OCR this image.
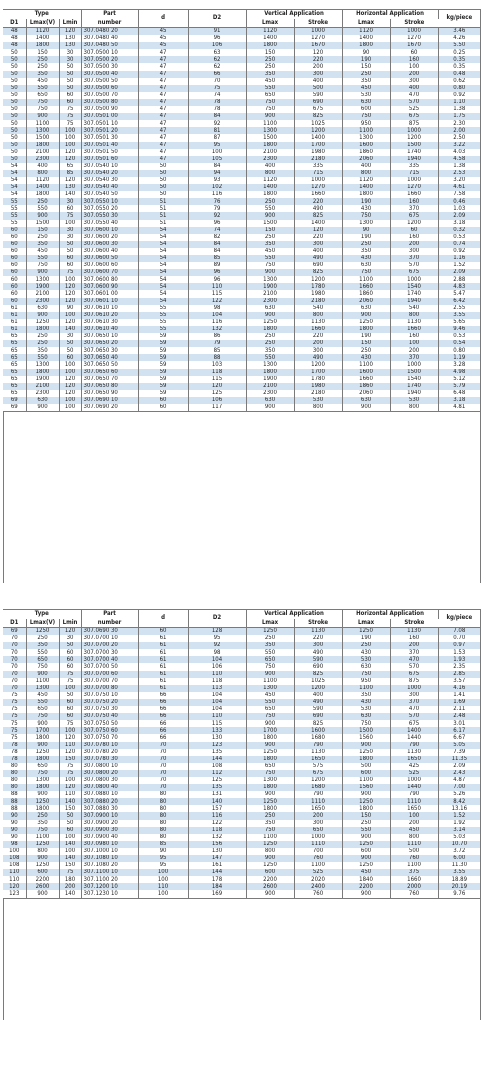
Type			Part	d	D2	Vertical Application		Horizontal Application		kg/piece
D1	Lmax(V)	Lmin	number			Lmax	Stroke	Lmax	Stroke	
48	1120	120	307.0480 20	45	91	1120	1000	1120	1000	3.46
48	1400	130	307.0480 40	45	96	1400	1270	1400	1270	4.26
48	1800	130	307.0480 50	45	106	1800	1670	1800	1670	5.50
50	150	30	307.0500 10	47	63	150	120	90	60	0.25
50	250	30	307.0500 20	47	62	250	220	190	160	0.35
50	250	50	307.0500 30	47	62	250	200	150	100	0.35
50	350	50	307.0500 40	47	66	350	300	250	200	0.48
50	450	50	307.0500 50	47	70	450	400	350	300	0.62
50	550	50	307.0500 60	47	75	550	500	450	400	0.80
50	650	60	307.0500 70	47	74	650	590	530	470	0.92
50	750	60	307.0500 80	47	78	750	690	630	570	1.10
50	750	75	307.0500 90	47	78	750	675	600	525	1.38
50	900	75	307.0501 00	47	84	900	825	750	675	1.75
50	1100	75	307.0501 10	47	92	1100	1025	950	875	2.30
50	1300	100	307.0501 20	47	81	1300	1200	1100	1000	2.00
50	1500	100	307.0501 30	47	87	1500	1400	1300	1200	2.50
50	1800	100	307.0501 40	47	95	1800	1700	1600	1500	3.22
50	2100	120	307.0501 50	47	100	2100	1980	1860	1740	4.03
50	2300	120	307.0501 60	47	105	2300	2180	2060	1940	4.58
54	400	65	307.0540 10	50	84	400	335	400	335	1.38
54	800	85	307.0540 20	50	94	800	715	800	715	2.53
54	1120	120	307.0540 30	50	93	1120	1000	1120	1000	3.20
54	1400	130	307.0540 40	50	102	1400	1270	1400	1270	4.61
54	1800	140	307.0540 50	50	116	1800	1660	1800	1660	7.58
55	250	30	307.0550 10	51	76	250	220	190	160	0.46
55	550	60	307.0550 20	51	79	550	490	430	370	1.03
55	900	75	307.0550 30	51	92	900	825	750	675	2.09
55	1500	100	307.0550 40	51	96	1500	1400	1300	1200	3.18
60	150	30	307.0600 10	54	74	150	120	90	60	0.32
60	250	30	307.0600 20	54	82	250	220	190	160	0.53
60	350	50	307.0600 30	54	84	350	300	250	200	0.74
60	450	50	307.0600 40	54	84	450	400	350	300	0.92
60	550	60	307.0600 50	54	85	550	490	430	370	1.16
60	750	60	307.0600 60	54	89	750	690	630	570	1.52
60	900	75	307.0600 70	54	96	900	825	750	675	2.09
60	1300	100	307.0600 80	54	96	1300	1200	1100	1000	2.88
60	1900	120	307.0600 90	54	110	1900	1780	1660	1540	4.83
60	2100	120	307.0601 00	54	115	2100	1980	1860	1740	5.47
60	2300	120	307.0601 10	54	122	2300	2180	2060	1940	6.42
61	630	90	307.0610 10	55	98	630	540	630	540	2.55
61	900	100	307.0610 20	55	104	900	800	900	800	3.55
61	1250	120	307.0610 30	55	116	1250	1130	1250	1130	5.65
61	1800	140	307.0610 40	55	132	1800	1660	1800	1660	9.46
65	250	30	307.0650 10	59	86	250	220	190	160	0.53
65	250	50	307.0650 20	59	79	250	200	150	100	0.54
65	350	50	307.0650 30	59	85	350	300	250	200	0.80
65	550	60	307.0650 40	59	88	550	490	430	370	1.19
65	1300	100	307.0650 50	59	103	1300	1200	1100	1000	3.28
65	1800	100	307.0650 60	59	118	1800	1700	1600	1500	4.98
65	1900	120	307.0650 70	59	115	1900	1780	1660	1540	5.12
65	2100	120	307.0650 80	59	120	2100	1980	1860	1740	5.79
65	2300	120	307.0650 90	59	125	2300	2180	2060	1940	6.48
69	630	100	307.0690 10	60	106	630	530	630	530	3.18
69	900	100	307.0690 20	60	117	900	800	900	800	4.81
Type			Part	d	D2	Vertical Application		Horizontal Application		kg/piece
D1	Lmax(V)	Lmin	number			Lmax	Stroke	Lmax	Stroke	
69	1250	120	307.0690 30	60	128	1250	1130	1250	1130	7.08
70	250	30	307.0700 10	61	95	250	220	190	160	0.70
70	350	50	307.0700 20	61	92	350	300	250	200	0.97
70	550	60	307.0700 30	61	98	550	490	430	370	1.53
70	650	60	307.0700 40	61	104	650	590	530	470	1.93
70	750	60	307.0700 50	61	106	750	690	630	570	2.35
70	900	75	307.0700 60	61	110	900	825	750	675	2.85
70	1100	75	307.0700 70	61	118	1100	1025	950	875	3.57
70	1300	100	307.0700 80	61	113	1300	1200	1100	1000	4.16
75	450	50	307.0750 10	66	104	450	400	350	300	1.41
75	550	60	307.0750 20	66	104	550	490	430	370	1.69
75	650	60	307.0750 30	66	104	650	590	530	470	2.11
75	750	60	307.0750 40	66	110	750	690	630	570	2.48
75	900	75	307.0750 50	66	115	900	825	750	675	3.01
75	1700	100	307.0750 60	66	133	1700	1600	1500	1400	6.17
75	1800	120	307.0750 70	66	130	1800	1680	1560	1440	6.67
78	900	110	307.0780 10	70	123	900	790	900	790	5.05
78	1250	120	307.0780 20	70	135	1250	1130	1250	1130	7.39
78	1800	150	307.0780 30	70	144	1800	1650	1800	1650	11.35
80	650	75	307.0800 10	70	108	650	575	500	425	2.09
80	750	75	307.0800 20	70	112	750	675	600	525	2.43
80	1300	100	307.0800 30	70	125	1300	1200	1100	1000	4.87
80	1800	120	307.0800 40	70	135	1800	1680	1560	1440	7.00
88	900	110	307.0880 10	80	131	900	790	900	790	5.26
88	1250	140	307.0880 20	80	140	1250	1110	1250	1110	8.42
88	1800	150	307.0880 30	80	157	1800	1650	1800	1650	13.16
90	250	50	307.0900 10	80	116	250	200	150	100	1.52
90	350	50	307.0900 20	80	122	350	300	250	200	1.92
90	750	60	307.0900 30	80	118	750	650	550	450	3.14
90	1100	100	307.0900 40	80	132	1100	1000	900	800	5.03
98	1250	140	307.0980 10	85	156	1250	1110	1250	1110	10.70
100	800	100	307.1000 10	90	130	800	700	600	500	3.72
108	900	140	307.1080 10	95	147	900	760	900	760	6.00
108	1250	150	307.1080 20	95	161	1250	1100	1250	1100	11.30
110	600	75	307.1100 10	100	144	600	525	450	375	3.55
110	2200	180	307.1100 20	100	178	2200	2020	1840	1660	18.89
120	2600	200	307.1200 10	110	184	2600	2400	2200	2000	20.19
123	900	140	307.1230 10	100	169	900	760	900	760	9.76
